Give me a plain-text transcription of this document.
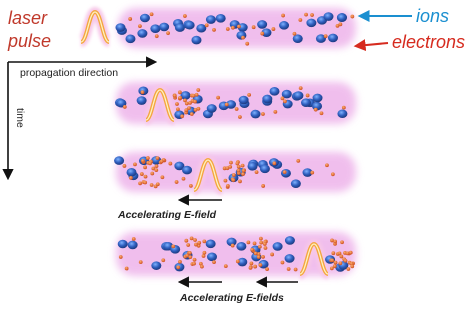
laser
pulse
ions
electrons
propagation direction
time
Accelerating E-field
Accelerating E-fields
